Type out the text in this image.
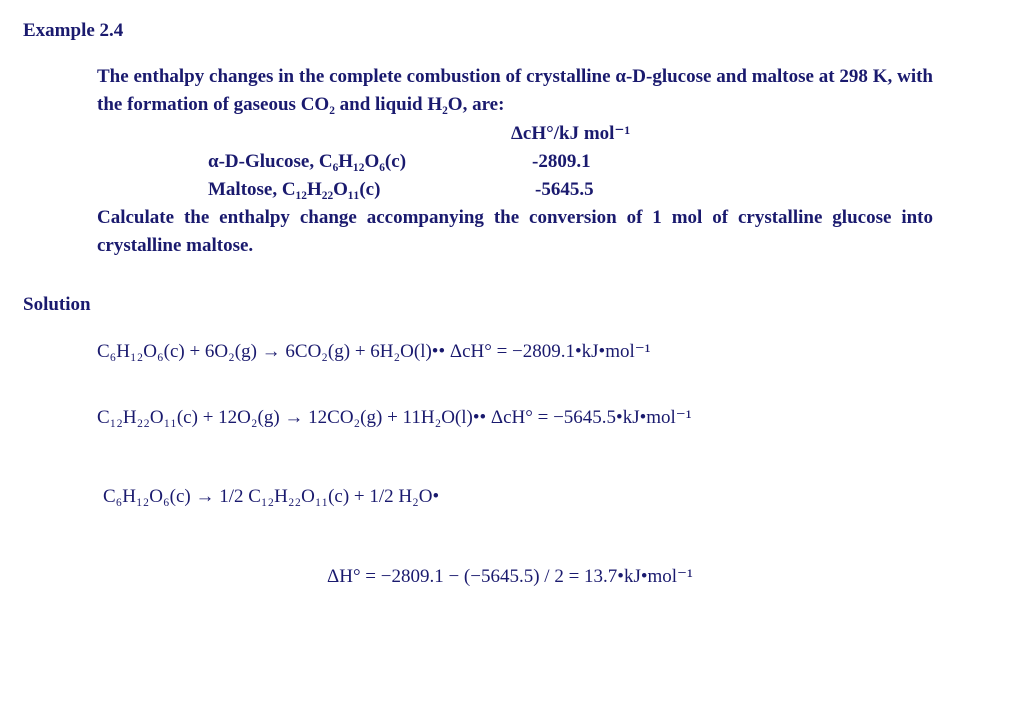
Example 2.4
The enthalpy changes in the complete combustion of crystalline α-D-glucose and maltose at 298 K, with the formation of gaseous CO₂ and liquid H₂O, are:
ΔcH°/kJ mol⁻¹
α-D-Glucose, C₆H₁₂O₆(c)	-2809.1
Maltose, C₁₂H₂₂O₁₁(c)	-5645.5
Calculate the enthalpy change accompanying the conversion of 1 mol of crystalline glucose into crystalline maltose.
Solution
C₆H₁₂O₆(c) + 6O₂(g) → 6CO₂(g) + 6H₂O(l)•• ΔcH° = −2809.1•kJ•mol⁻¹
C₁₂H₂₂O₁₁(c) + 12O₂(g) → 12CO₂(g) + 11H₂O(l)•• ΔcH° = −5645.5•kJ•mol⁻¹
C₆H₁₂O₆(c) → 1/2 C₁₂H₂₂O₁₁(c) + 1/2 H₂O•
ΔH° = −2809.1 − (−5645.5) / 2 = 13.7•kJ•mol⁻¹
